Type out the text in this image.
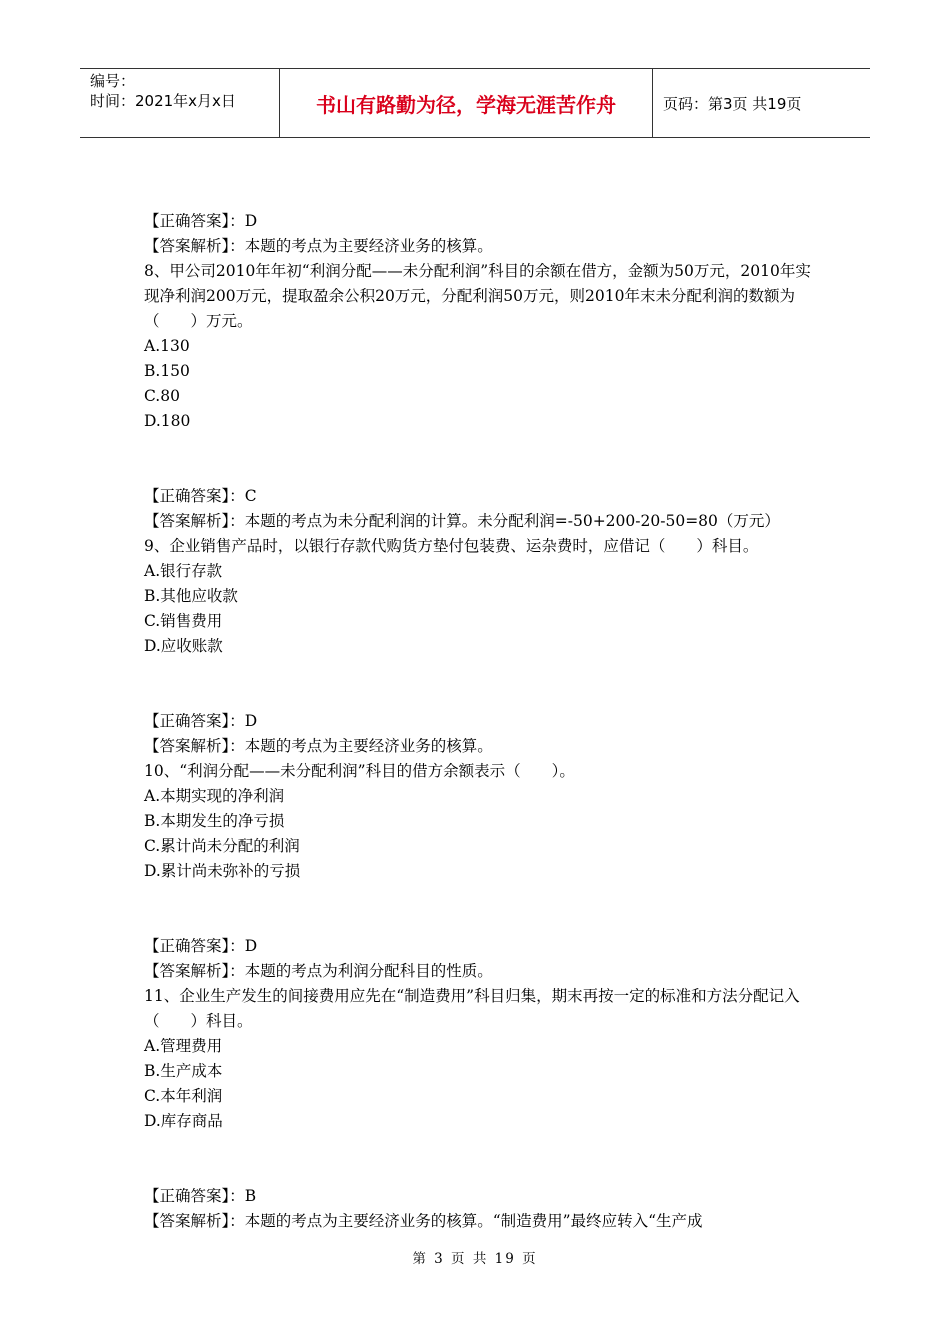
编号：
时间：2021年x月x日	书山有路勤为径，学海无涯苦作舟	页码：第3页 共19页
【正确答案】：D
【答案解析】：本题的考点为主要经济业务的核算。
8、甲公司2010年年初“利润分配——未分配利润”科目的余额在借方，金额为50万元，2010年实现净利润200万元，提取盈余公积20万元，分配利润50万元，则2010年末未分配利润的数额为（　　）万元。
A.130
B.150
C.80
D.180
【正确答案】：C
【答案解析】：本题的考点为未分配利润的计算。未分配利润=-50+200-20-50=80（万元）
9、企业销售产品时，以银行存款代购货方垫付包装费、运杂费时，应借记（　　）科目。
A.银行存款
B.其他应收款
C.销售费用
D.应收账款
【正确答案】：D
【答案解析】：本题的考点为主要经济业务的核算。
10、“利润分配——未分配利润”科目的借方余额表示（　　）。
A.本期实现的净利润
B.本期发生的净亏损
C.累计尚未分配的利润
D.累计尚未弥补的亏损
【正确答案】：D
【答案解析】：本题的考点为利润分配科目的性质。
11、企业生产发生的间接费用应先在“制造费用”科目归集，期末再按一定的标准和方法分配记入（　　）科目。
A.管理费用
B.生产成本
C.本年利润
D.库存商品
【正确答案】：B
【答案解析】：本题的考点为主要经济业务的核算。“制造费用”最终应转入“生产成
第 3 页 共 19 页
